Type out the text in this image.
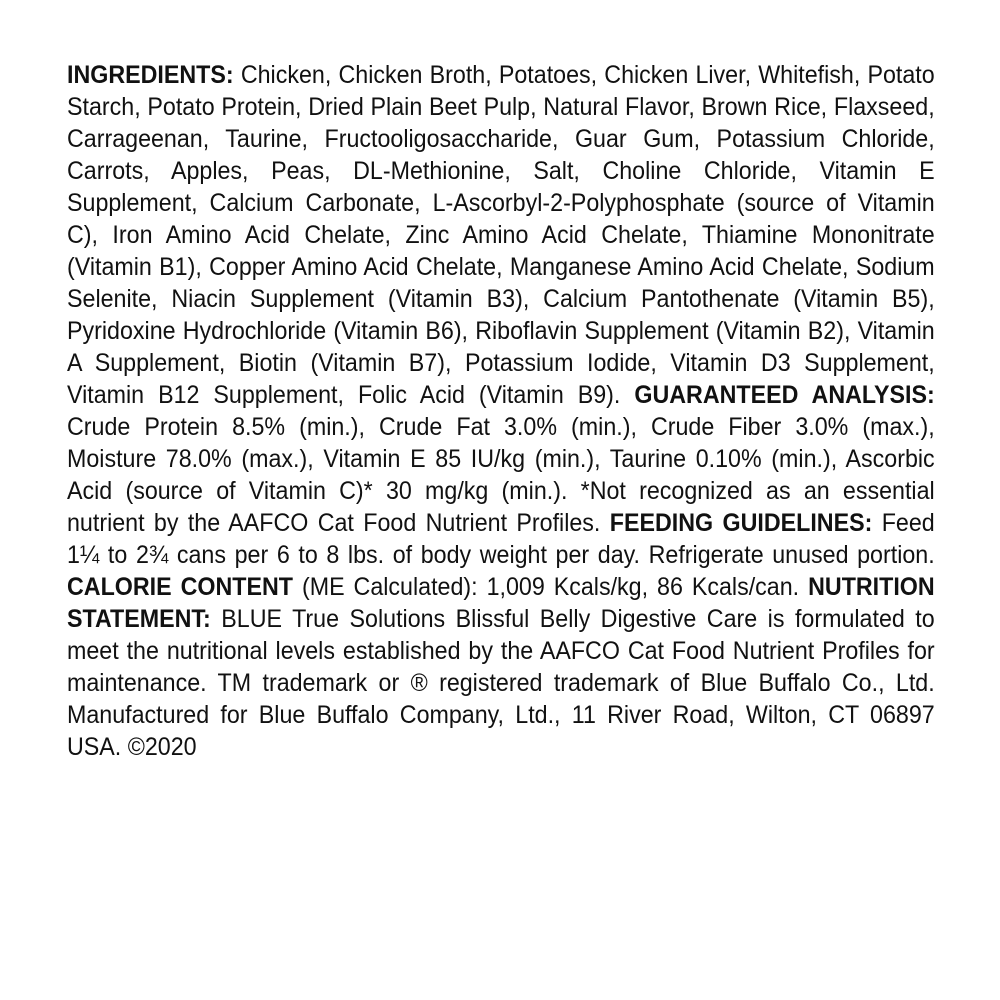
INGREDIENTS: Chicken, Chicken Broth, Potatoes, Chicken Liver, Whitefish, Potato Starch, Potato Protein, Dried Plain Beet Pulp, Natural Flavor, Brown Rice, Flaxseed, Carrageenan, Taurine, Fructooligosaccharide, Guar Gum, Potassium Chloride, Carrots, Apples, Peas, DL-Methionine, Salt, Choline Chloride, Vitamin E Supplement, Calcium Carbonate, L-Ascorbyl-2-Polyphosphate (source of Vitamin C), Iron Amino Acid Chelate, Zinc Amino Acid Chelate, Thiamine Mononitrate (Vitamin B1), Copper Amino Acid Chelate, Manganese Amino Acid Chelate, Sodium Selenite, Niacin Supplement (Vitamin B3), Calcium Pantothenate (Vitamin B5), Pyridoxine Hydrochloride (Vitamin B6), Riboflavin Supplement (Vitamin B2), Vitamin A Supplement, Biotin (Vitamin B7), Potassium Iodide, Vitamin D3 Supplement, Vitamin B12 Supplement, Folic Acid (Vitamin B9). GUARANTEED ANALYSIS: Crude Protein 8.5% (min.), Crude Fat 3.0% (min.), Crude Fiber 3.0% (max.), Moisture 78.0% (max.), Vitamin E 85 IU/kg (min.), Taurine 0.10% (min.), Ascorbic Acid (source of Vitamin C)* 30 mg/kg (min.). *Not recognized as an essential nutrient by the AAFCO Cat Food Nutrient Profiles. FEEDING GUIDELINES: Feed 1¼ to 2¾ cans per 6 to 8 lbs. of body weight per day. Refrigerate unused portion. CALORIE CONTENT (ME Calculated): 1,009 Kcals/kg, 86 Kcals/can. NUTRITION STATEMENT: BLUE True Solutions Blissful Belly Digestive Care is formulated to meet the nutritional levels established by the AAFCO Cat Food Nutrient Profiles for maintenance. TM trademark or ® registered trademark of Blue Buffalo Co., Ltd. Manufactured for Blue Buffalo Company, Ltd., 11 River Road, Wilton, CT 06897 USA. ©2020
